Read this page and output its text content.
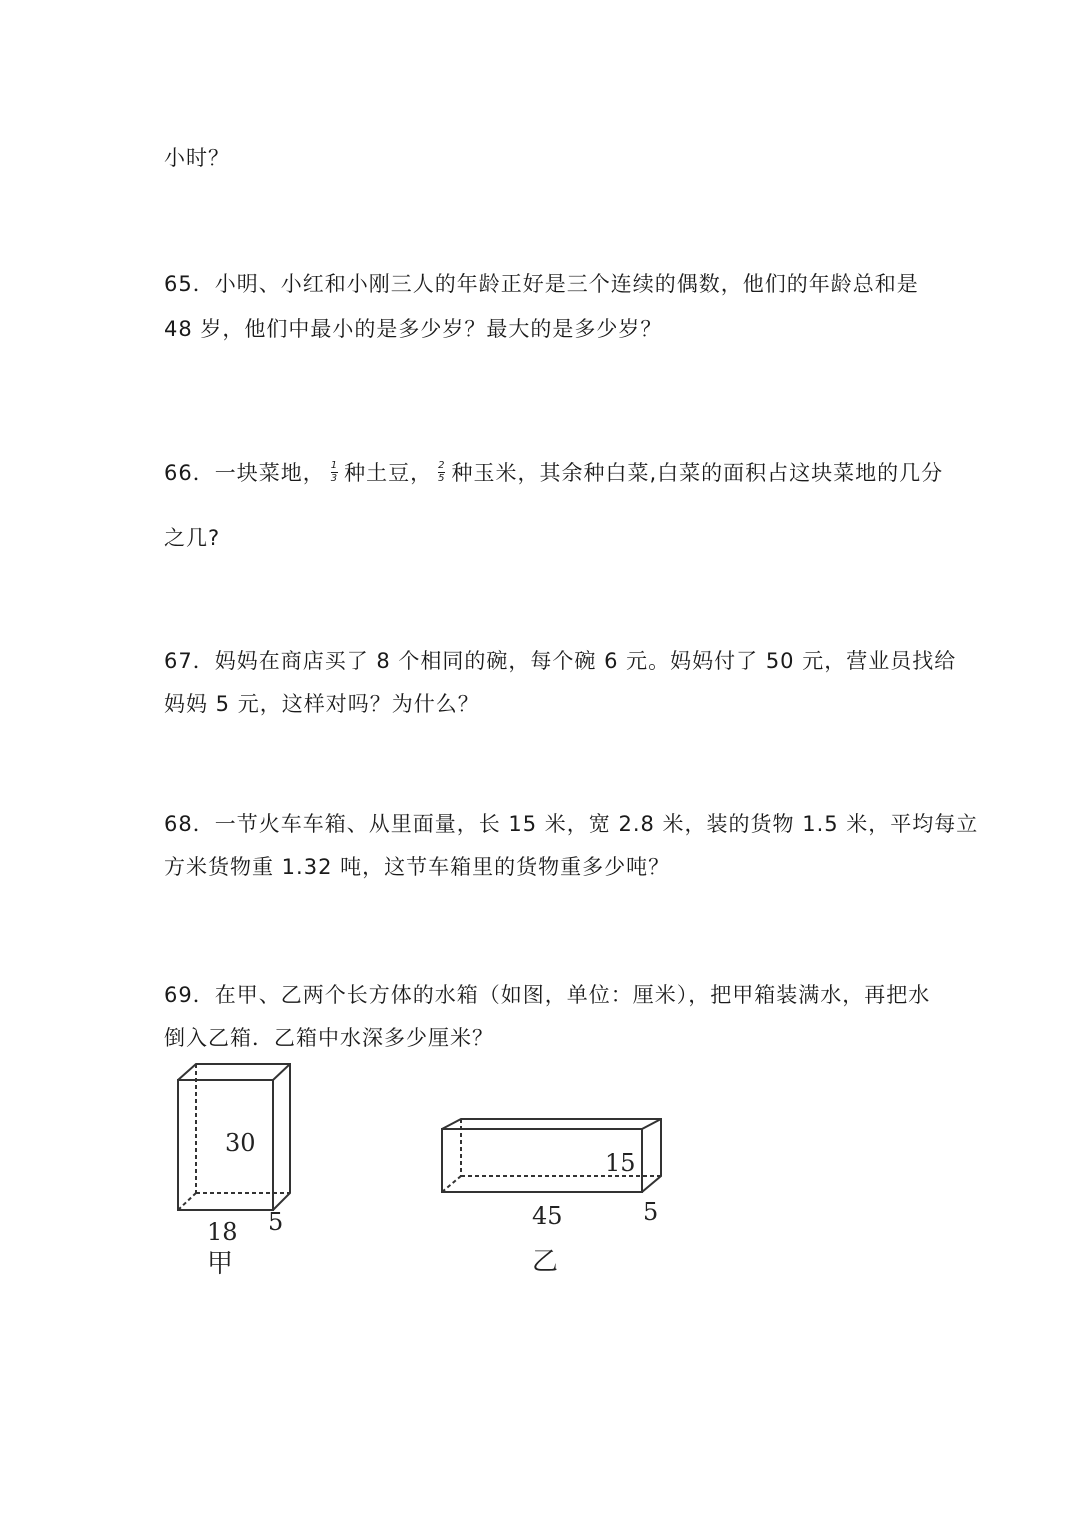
小时？
65．小明、小红和小刚三人的年龄正好是三个连续的偶数，他们的年龄总和是
48 岁，他们中最小的是多少岁？最大的是多少岁？
66．一块菜地， $\frac{1}{3}$ 种土豆， $\frac{2}{5}$ 种玉米，其余种白菜,白菜的面积占这块菜地的几分
之几?
67．妈妈在商店买了 8 个相同的碗，每个碗 6 元。妈妈付了 50 元，营业员找给
妈妈 5 元，这样对吗？为什么？
68．一节火车车箱、从里面量，长 15 米，宽 2.8 米，装的货物 1.5 米，平均每立
方米货物重 1.32 吨，这节车箱里的货物重多少吨？
69．在甲、乙两个长方体的水箱（如图，单位：厘米），把甲箱装满水，再把水
倒入乙箱．乙箱中水深多少厘米？
30
18 5
甲
15
45	5
乙
